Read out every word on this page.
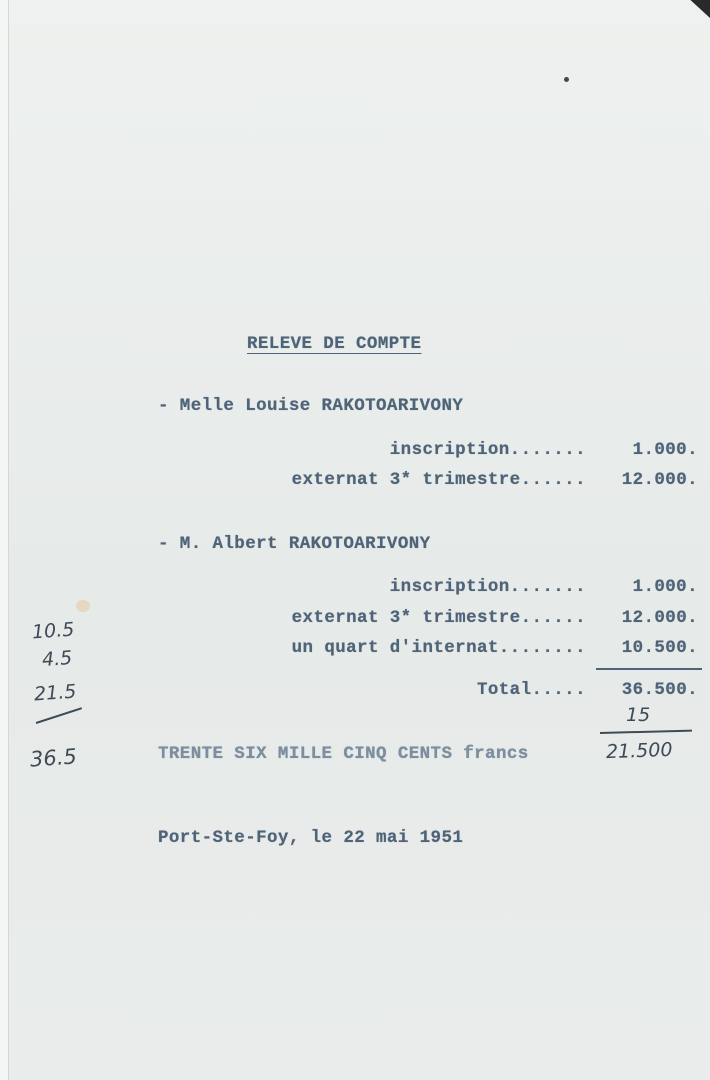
RELEVE DE COMPTE
- Melle Louise RAKOTOARIVONY
inscription.......	1.000.
externat 3* trimestre......	12.000.
- M. Albert RAKOTOARIVONY
inscription.......	1.000.
externat 3* trimestre......	12.000.
un quart d'internat........	10.500.
Total.....	36.500.
TRENTE SIX MILLE CINQ CENTS francs
Port-Ste-Foy, le 22 mai 1951
10.5
4.5
21.5
36.5
15
21.500
